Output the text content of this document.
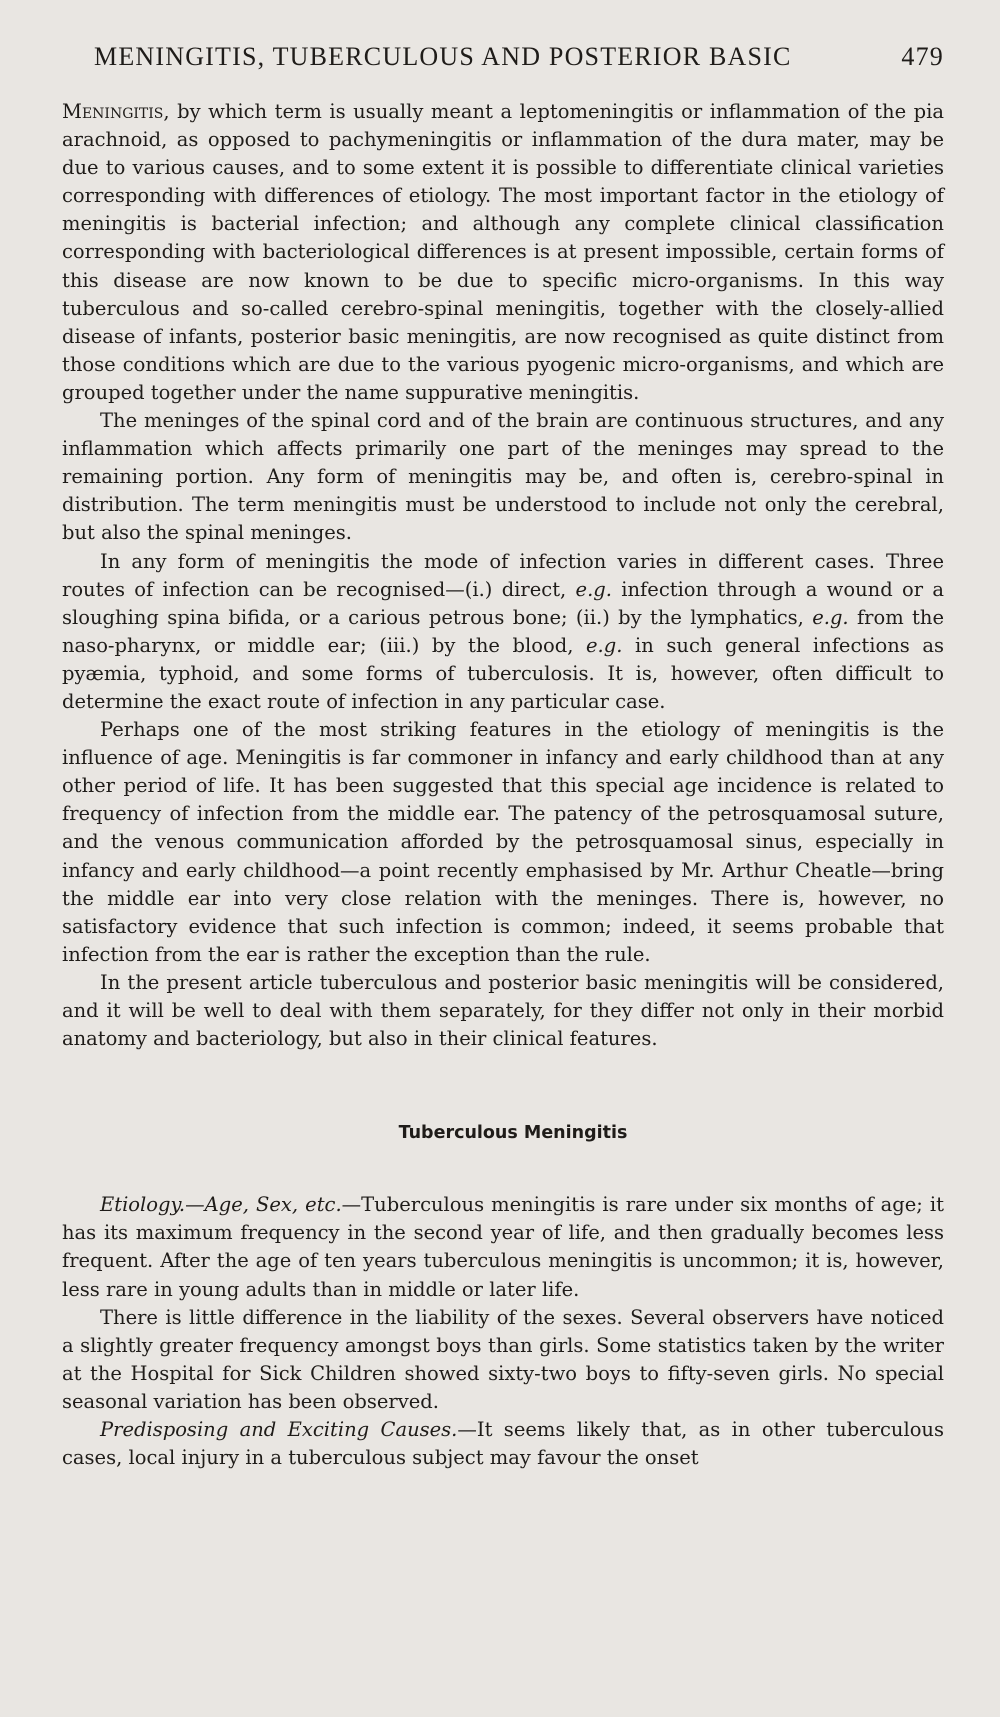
MENINGITIS, TUBERCULOUS AND POSTERIOR BASIC	479

Meningitis, by which term is usually meant a leptomeningitis or inflammation of the pia arachnoid, as opposed to pachymeningitis or inflammation of the dura mater, may be due to various causes, and to some extent it is possible to differentiate clinical varieties corresponding with differences of etiology. The most important factor in the etiology of meningitis is bacterial infection; and although any complete clinical classification corresponding with bacteriological differences is at present impossible, certain forms of this disease are now known to be due to specific micro-organisms. In this way tuberculous and so-called cerebro-spinal meningitis, together with the closely-allied disease of infants, posterior basic meningitis, are now recognised as quite distinct from those conditions which are due to the various pyogenic micro-organisms, and which are grouped together under the name suppurative meningitis.

The meninges of the spinal cord and of the brain are continuous structures, and any inflammation which affects primarily one part of the meninges may spread to the remaining portion. Any form of meningitis may be, and often is, cerebro-spinal in distribution. The term meningitis must be understood to include not only the cerebral, but also the spinal meninges.

In any form of meningitis the mode of infection varies in different cases. Three routes of infection can be recognised—(i.) direct, e.g. infection through a wound or a sloughing spina bifida, or a carious petrous bone; (ii.) by the lymphatics, e.g. from the naso-pharynx, or middle ear; (iii.) by the blood, e.g. in such general infections as pyæmia, typhoid, and some forms of tuberculosis. It is, however, often difficult to determine the exact route of infection in any particular case.

Perhaps one of the most striking features in the etiology of meningitis is the influence of age. Meningitis is far commoner in infancy and early childhood than at any other period of life. It has been suggested that this special age incidence is related to frequency of infection from the middle ear. The patency of the petrosquamosal suture, and the venous communication afforded by the petrosquamosal sinus, especially in infancy and early childhood—a point recently emphasised by Mr. Arthur Cheatle—bring the middle ear into very close relation with the meninges. There is, however, no satisfactory evidence that such infection is common; indeed, it seems probable that infection from the ear is rather the exception than the rule.

In the present article tuberculous and posterior basic meningitis will be considered, and it will be well to deal with them separately, for they differ not only in their morbid anatomy and bacteriology, but also in their clinical features.

Tuberculous Meningitis

Etiology.—Age, Sex, etc.—Tuberculous meningitis is rare under six months of age; it has its maximum frequency in the second year of life, and then gradually becomes less frequent. After the age of ten years tuberculous meningitis is uncommon; it is, however, less rare in young adults than in middle or later life.

There is little difference in the liability of the sexes. Several observers have noticed a slightly greater frequency amongst boys than girls. Some statistics taken by the writer at the Hospital for Sick Children showed sixty-two boys to fifty-seven girls. No special seasonal variation has been observed.

Predisposing and Exciting Causes.—It seems likely that, as in other tuberculous cases, local injury in a tuberculous subject may favour the onset
